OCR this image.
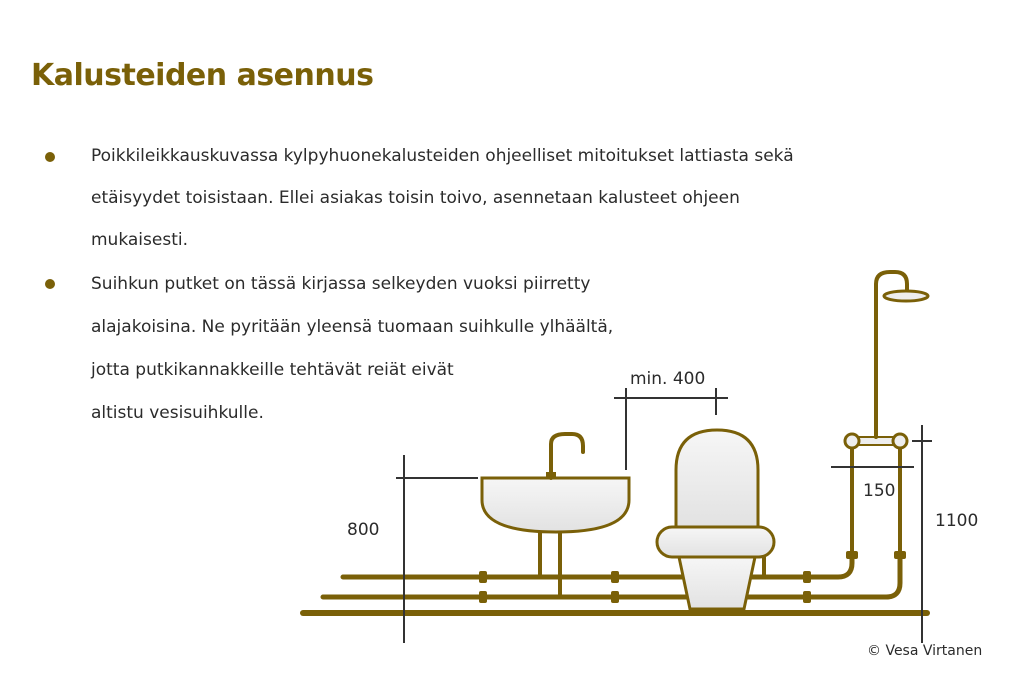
Kalusteiden asennus
Poikkileikkauskuvassa kylpyhuonekalusteiden ohjeelliset mitoitukset lattiasta sekä
etäisyydet toisistaan. Ellei asiakas toisin toivo, asennetaan kalusteet ohjeen
mukaisesti.
Suihkun putket on tässä kirjassa selkeyden vuoksi piirretty
alajakoisina. Ne pyritään yleensä tuomaan suihkulle ylhäältä,
jotta putkikannakkeille tehtävät reiät eivät
altistu vesisuihkulle.
800
min. 400
150
1100
© Vesa Virtanen
